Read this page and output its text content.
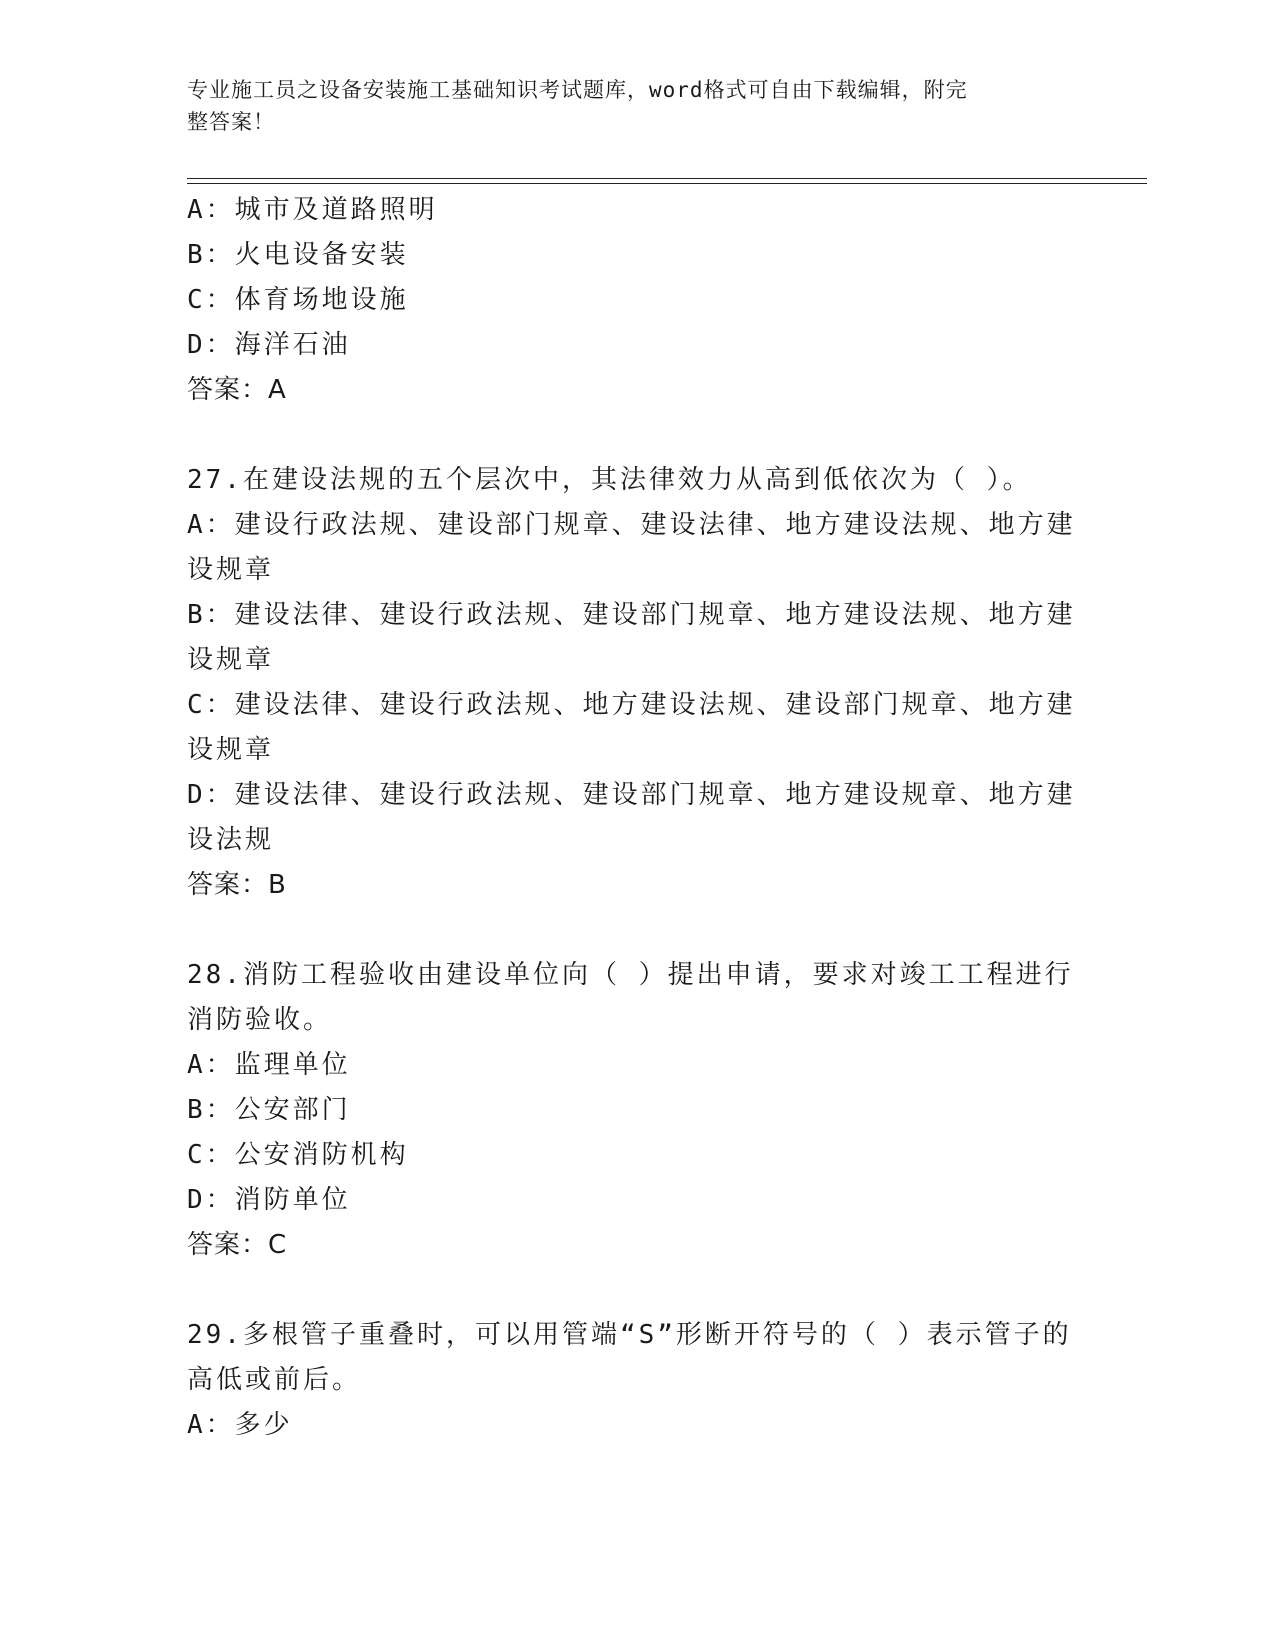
专业施工员之设备安装施工基础知识考试题库，word格式可自由下载编辑，附完
整答案！
A：城市及道路照明
B：火电设备安装
C：体育场地设施
D：海洋石油
答案：A
27.在建设法规的五个层次中，其法律效力从高到低依次为（ ）。
A：建设行政法规、建设部门规章、建设法律、地方建设法规、地方建
设规章
B：建设法律、建设行政法规、建设部门规章、地方建设法规、地方建
设规章
C：建设法律、建设行政法规、地方建设法规、建设部门规章、地方建
设规章
D：建设法律、建设行政法规、建设部门规章、地方建设规章、地方建
设法规
答案：B
28.消防工程验收由建设单位向（ ）提出申请，要求对竣工工程进行
消防验收。
A：监理单位
B：公安部门
C：公安消防机构
D：消防单位
答案：C
29.多根管子重叠时，可以用管端“S”形断开符号的（ ）表示管子的
高低或前后。
A：多少
